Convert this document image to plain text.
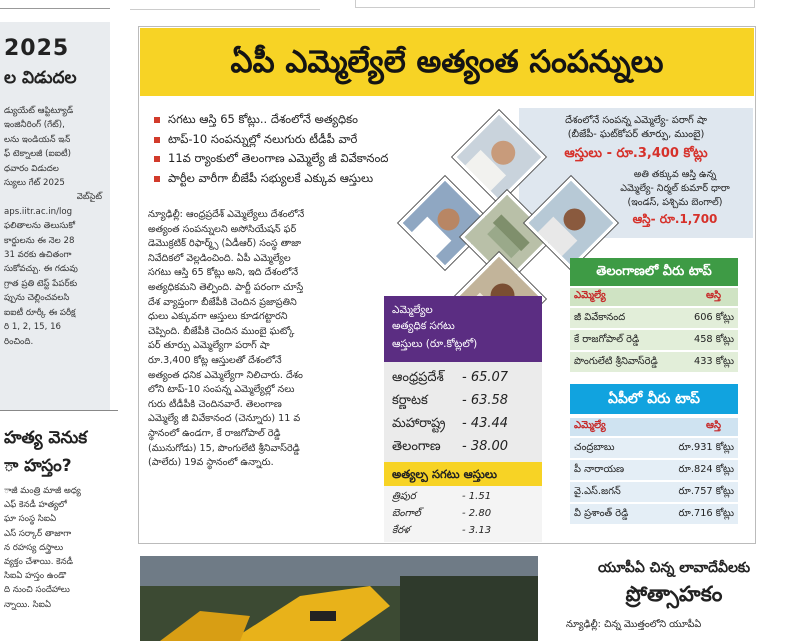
2025
ల విడుదల
డ్యుయేట్ ఆప్టిట్యూడ్
ఇంజినీరింగ్ (గేట్),
లను ఇండియన్ ఇన్
ఫ్ టెక్నాలజీ (ఐఐటీ)
ధవారం విడుదల
స్యులు గేట్ 2025
వెబ్‌సైట్
aps.iitr.ac.in/log
ఫలితాలను తెలుసుకో
కార్డులను ఈ నెల 28
31 వరకు ఉచితంగా
సుకోవచ్చు. ఈ గడువు
గ్రాత ప్రతి టెస్ట్ పేపర్‌కు
ప్పును చెల్లించవలసి
ఐఐటీ రూర్కీ ఈ పరీక్ష
రి 1, 2, 15, 16
రించింది.
హత్య వెనుక
ా హస్తం?
ాజీ మంత్రి మాజీ అధ్య
ఎఫ్ కెనడీ హత్యలో
ఘా సంస్థ సిఐఏ
ఎస్ సర్కార్ తాజాగా
న రహస్య దస్త్రాలు
వ్యక్తం చేశాయి. కెనడీ
సిఐఏ హస్తం ఉండొ
ది నుంచి సందేహాలు
న్నాయి. సిఐఏ
ఏపీ ఎమ్మెల్యేలే అత్యంత సంపన్నులు
సగటు ఆస్తి 65 కోట్లు.. దేశంలోనే అత్యధికం
టాప్-10 సంపన్నుల్లో నలుగురు టీడీపీ వారే
11వ ర్యాంకులో తెలంగాణ ఎమ్మెల్యే జీ వివేకానంద
పార్టీల వారీగా బీజేపీ సభ్యులకే ఎక్కువ ఆస్తులు
న్యూఢిల్లీ: ఆంధ్రప్రదేశ్ ఎమ్మెల్యేలు దేశంలోనే
అత్యంత సంపన్నులని అసోసియేషన్ ఫర్
డెమొక్రటిక్ రిఫార్మ్స్ (ఏడీఆర్) సంస్థ తాజా
నివేదికలో వెల్లడించింది. ఏపీ ఎమ్మెల్యేల
సగటు ఆస్తి 65 కోట్లు అని, ఇది దేశంలోనే
అత్యధికమని తెల్పింది. పార్టీ పరంగా చూస్తే
దేశ వ్యాప్తంగా బీజేపీకి చెందిన ప్రజాప్రతిని
ధులు ఎక్కువగా ఆస్తులు కూడగట్టారని
చెప్పింది. బీజేపీకి చెందిన ముంబై ఘట్కో
పర్ తూర్పు ఎమ్మెల్యేగా పరాగ్ షా
రూ.3,400 కోట్ల ఆస్తులతో దేశంలోనే
అత్యంత ధనిక ఎమ్మెల్యేగా నిలిచారు. దేశం
లోని టాప్-10 సంపన్న ఎమ్మెల్యేల్లో నలు
గురు టీడీపీకి చెందినవారే. తెలంగాణ
ఎమ్మెల్యే జీ వివేకానంద (చెన్నూరు) 11 వ
స్థానంలో ఉండగా, కే రాజగోపాల్ రెడ్డి
(మునుగోడు) 15, పొంగులేటి శ్రీనివాస్‌రెడ్డి
(పాలేరు) 19వ స్థానంలో ఉన్నారు.
దేశంలోనే సంపన్న ఎమ్మెల్యే- పరాగ్ షా
(బీజేపీ- ఘట్‌కోపర్ తూర్పు, ముంబై)
ఆస్తులు - రూ.3,400 కోట్లు
అతి తక్కువ ఆస్తి ఉన్న
ఎమ్మెల్యే- నిర్మల్ కుమార్ ధారా
(ఇండస్, పశ్చిమ బెంగాల్)
ఆస్తి- రూ.1,700
ఎమ్మెల్యేల
అత్యధిక సగటు
ఆస్తులు (రూ.కోట్లలో)
ఆంధ్రప్రదేశ్	- 65.07
కర్ణాటక	- 63.58
మహారాష్ట్ర	- 43.44
తెలంగాణ	- 38.00
అత్యల్ప సగటు ఆస్తులు
త్రిపుర	- 1.51
బెంగాల్	- 2.80
కేరళ	- 3.13
తెలంగాణలో వీరు టాప్
ఎమ్మెల్యే	ఆస్తి
జీ వివేకానంద	606 కోట్లు
కే రాజగోపాల్ రెడ్డి	458 కోట్లు
పొంగులేటి శ్రీనివాస్‌రెడ్డి	433 కోట్లు
ఏపీలో వీరు టాప్
ఎమ్మెల్యే	ఆస్తి
చంద్రబాబు	రూ.931 కోట్లు
పీ నారాయణ	రూ.824 కోట్లు
వై.ఎస్.జగన్	రూ.757 కోట్లు
వీ ప్రశాంత్ రెడ్డి	రూ.716 కోట్లు
యూపీఏ చిన్న లావాదేవీలకు
ప్రోత్సాహకం
న్యూఢిల్లీ: చిన్న మొత్తంలోని యూపీఏ
